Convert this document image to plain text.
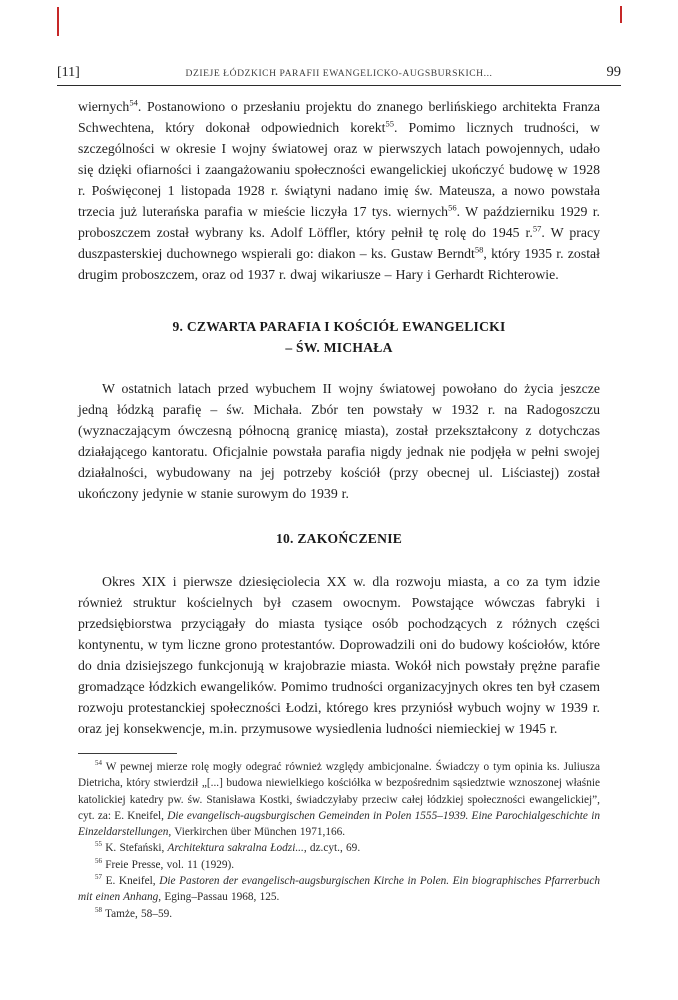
[11]	DZIEJE ŁÓDZKICH PARAFII EWANGELICKO-AUGSBURSKICH...	99

wiernych$^{54}$. Postanowiono o przesłaniu projektu do znanego berlińskiego architekta Franza Schwechtena, który dokonał odpowiednich korekt$^{55}$. Pomimo licznych trudności, w szczególności w okresie I wojny światowej oraz w pierwszych latach powojennych, udało się dzięki ofiarności i zaangażowaniu społeczności ewangelickiej ukończyć budowę w 1928 r. Poświęconej 1 listopada 1928 r. świątyni nadano imię św. Mateusza, a nowo powstała trzecia już luterańska parafia w mieście liczyła 17 tys. wiernych$^{56}$. W październiku 1929 r. proboszczem został wybrany ks. Adolf Löffler, który pełnił tę rolę do 1945 r.$^{57}$. W pracy duszpasterskiej duchownego wspierali go: diakon – ks. Gustaw Berndt$^{58}$, który 1935 r. został drugim proboszczem, oraz od 1937 r. dwaj wikariusze – Hary i Gerhardt Richterowie.

9. CZWARTA PARAFIA I KOŚCIÓŁ EWANGELICKI
– ŚW. MICHAŁA

W ostatnich latach przed wybuchem II wojny światowej powołano do życia jeszcze jedną łódzką parafię – św. Michała. Zbór ten powstały w 1932 r. na Radogoszczu (wyznaczającym ówczesną północną granicę miasta), został przekształcony z dotychczas działającego kantoratu. Oficjalnie powstała parafia nigdy jednak nie podjęła w pełni swojej działalności, wybudowany na jej potrzeby kościół (przy obecnej ul. Liściastej) został ukończony jedynie w stanie surowym do 1939 r.

10. ZAKOŃCZENIE

Okres XIX i pierwsze dziesięciolecia XX w. dla rozwoju miasta, a co za tym idzie również struktur kościelnych był czasem owocnym. Powstające wówczas fabryki i przedsiębiorstwa przyciągały do miasta tysiące osób pochodzących z różnych części kontynentu, w tym liczne grono protestantów. Doprowadzili oni do budowy kościołów, które do dnia dzisiejszego funkcjonują w krajobrazie miasta. Wokół nich powstały prężne parafie gromadzące łódzkich ewangelików. Pomimo trudności organizacyjnych okres ten był czasem rozwoju protestanckiej społeczności Łodzi, którego kres przyniósł wybuch wojny w 1939 r. oraz jej konsekwencje, m.in. przymusowe wysiedlenia ludności niemieckiej w 1945 r.

$^{54}$ W pewnej mierze rolę mogły odegrać również względy ambicjonalne. Świadczy o tym opinia ks. Juliusza Dietricha, który stwierdził „[...] budowa niewielkiego kościółka w bezpośrednim sąsiedztwie wznoszonej właśnie katolickiej katedry pw. św. Stanisława Kostki, świadczyłaby przeciw całej łódzkiej społeczności ewangelickiej”, cyt. za: E. Kneifel, Die evangelisch-augsburgischen Gemeinden in Polen 1555–1939. Eine Parochialgeschichte in Einzeldarstellungen, Vierkirchen über München 1971,166.

$^{55}$ K. Stefański, Architektura sakralna Łodzi..., dz.cyt., 69.

$^{56}$ Freie Presse, vol. 11 (1929).

$^{57}$ E. Kneifel, Die Pastoren der evangelisch-augsburgischen Kirche in Polen. Ein biographisches Pfarrerbuch mit einen Anhang, Eging–Passau 1968, 125.

$^{58}$ Tamże, 58–59.
